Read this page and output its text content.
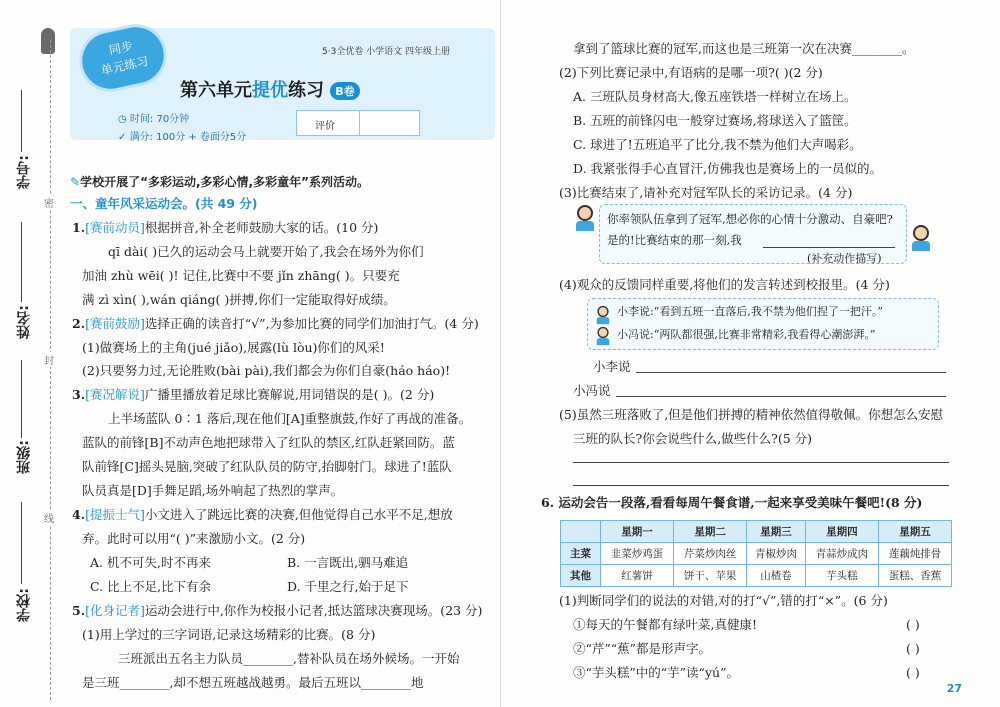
学号:
姓名:
班级:
学校:
密
封
线
同步
单元练习
5·3全优卷 小学语文 四年级上册
第六单元提优练习 B卷
◷ 时间: 70分钟
✓ 满分: 100分 + 卷面分5分
评价
✎学校开展了“多彩运动,多彩心情,多彩童年”系列活动。
一、童年风采运动会。(共 49 分)
1.[赛前动员]根据拼音,补全老师鼓励大家的话。(10 分)
qī dài( )已久的运动会马上就要开始了,我会在场外为你们
加油 zhù wēi( )! 记住,比赛中不要 jǐn zhāng( )。只要充
满 zì xìn( ),wán qiáng( )拼搏,你们一定能取得好成绩。
2.[赛前鼓励]选择正确的读音打“√”,为参加比赛的同学们加油打气。(4 分)
(1)做赛场上的主角(jué jiǎo),展露(lù lòu)你们的风采!
(2)只要努力过,无论胜败(bài pài),我们都会为你们自豪(háo háo)!
3.[赛况解说]广播里播放着足球比赛解说,用词错误的是( )。(2 分)
上半场蓝队 0∶1 落后,现在他们[A]重整旗鼓,作好了再战的准备。
蓝队的前锋[B]不动声色地把球带入了红队的禁区,红队赶紧回防。蓝
队前锋[C]摇头晃脑,突破了红队队员的防守,抬脚射门。球进了!蓝队
队员真是[D]手舞足蹈,场外响起了热烈的掌声。
4.[提振士气]小文进入了跳远比赛的决赛,但他觉得自己水平不足,想放
弃。此时可以用“( )”来激励小文。(2 分)
A. 机不可失,时不再来	B. 一言既出,驷马难追
C. 比上不足,比下有余	D. 千里之行,始于足下
5.[化身记者]运动会进行中,你作为校报小记者,抵达篮球决赛现场。(23 分)
(1)用上学过的三字词语,记录这场精彩的比赛。(8 分)
三班派出五名主力队员________,替补队员在场外候场。一开始
是三班________,却不想五班越战越勇。最后五班以________地
拿到了篮球比赛的冠军,而这也是三班第一次在决赛________。
(2)下列比赛记录中,有语病的是哪一项?( )(2 分)
A. 三班队员身材高大,像五座铁塔一样树立在场上。
B. 五班的前锋闪电一般穿过赛场,将球送入了篮筐。
C. 球进了!五班追平了比分,我不禁为他们大声喝彩。
D. 我紧张得手心直冒汗,仿佛我也是赛场上的一员似的。
(3)比赛结束了,请补充对冠军队长的采访记录。(4 分)
你率领队伍拿到了冠军,想必你的心情十分激动、自豪吧?
是的!比赛结束的那一刻,我
(补充动作描写)
(4)观众的反馈同样重要,将他们的发言转述到校报里。(4 分)
小李说:“看到五班一直落后,我不禁为他们捏了一把汗。”
小冯说:“两队都很强,比赛非常精彩,我看得心潮澎湃。”
小李说
小冯说
(5)虽然三班落败了,但是他们拼搏的精神依然值得敬佩。你想怎么安慰
三班的队长?你会说些什么,做些什么?(5 分)
6. 运动会告一段落,看看每周午餐食谱,一起来享受美味午餐吧!(8 分)
	星期一	星期二	星期三	星期四	星期五
主菜	韭菜炒鸡蛋	芹菜炒肉丝	青椒炒肉	青蒜炒成肉	莲藕炖排骨
其他	红薯饼	饼干、苹果	山楂卷	芋头糕	蛋糕、香蕉
(1)判断同学们的说法的对错,对的打“√”,错的打“×”。(6 分)
①每天的午餐都有绿叶菜,真健康!	( )
②“芹”“蕉”都是形声字。	( )
③“芋头糕”中的“芋”读“yú”。	( )
27
